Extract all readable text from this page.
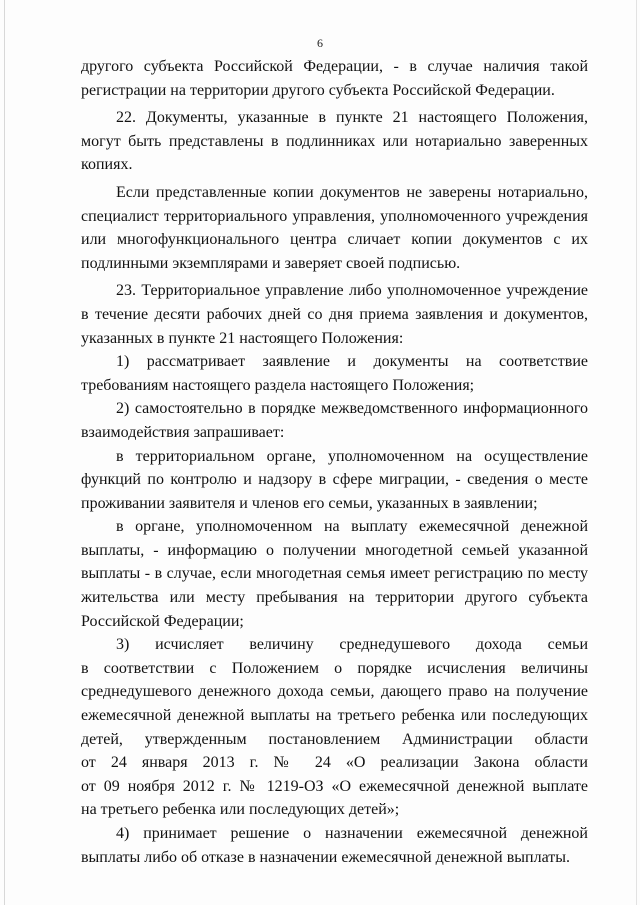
6
другого субъекта Российской Федерации, - в случае наличия такой
регистрации на территории другого субъекта Российской Федерации.
22. Документы, указанные в пункте 21 настоящего Положения,
могут быть представлены в подлинниках или нотариально заверенных
копиях.
Если представленные копии документов не заверены нотариально,
специалист территориального управления, уполномоченного учреждения
или многофункционального центра сличает копии документов с их
подлинными экземплярами и заверяет своей подписью.
23. Территориальное управление либо уполномоченное учреждение
в течение десяти рабочих дней со дня приема заявления и документов,
указанных в пункте 21 настоящего Положения:
1) рассматривает заявление и документы на соответствие
требованиям настоящего раздела настоящего Положения;
2) самостоятельно в порядке межведомственного информационного
взаимодействия запрашивает:
в территориальном органе, уполномоченном на осуществление
функций по контролю и надзору в сфере миграции, - сведения о месте
проживании заявителя и членов его семьи, указанных в заявлении;
в органе, уполномоченном на выплату ежемесячной денежной
выплаты, - информацию о получении многодетной семьей указанной
выплаты - в случае, если многодетная семья имеет регистрацию по месту
жительства или месту пребывания на территории другого субъекта
Российской Федерации;
3) исчисляет величину среднедушевого дохода семьи
в соответствии с Положением о порядке исчисления величины
среднедушевого денежного дохода семьи, дающего право на получение
ежемесячной денежной выплаты на третьего ребенка или последующих
детей, утвержденным постановлением Администрации области
от 24 января 2013 г. № 24 «О реализации Закона области
от 09 ноября 2012 г. № 1219-ОЗ «О ежемесячной денежной выплате
на третьего ребенка или последующих детей»;
4) принимает решение о назначении ежемесячной денежной
выплаты либо об отказе в назначении ежемесячной денежной выплаты.
